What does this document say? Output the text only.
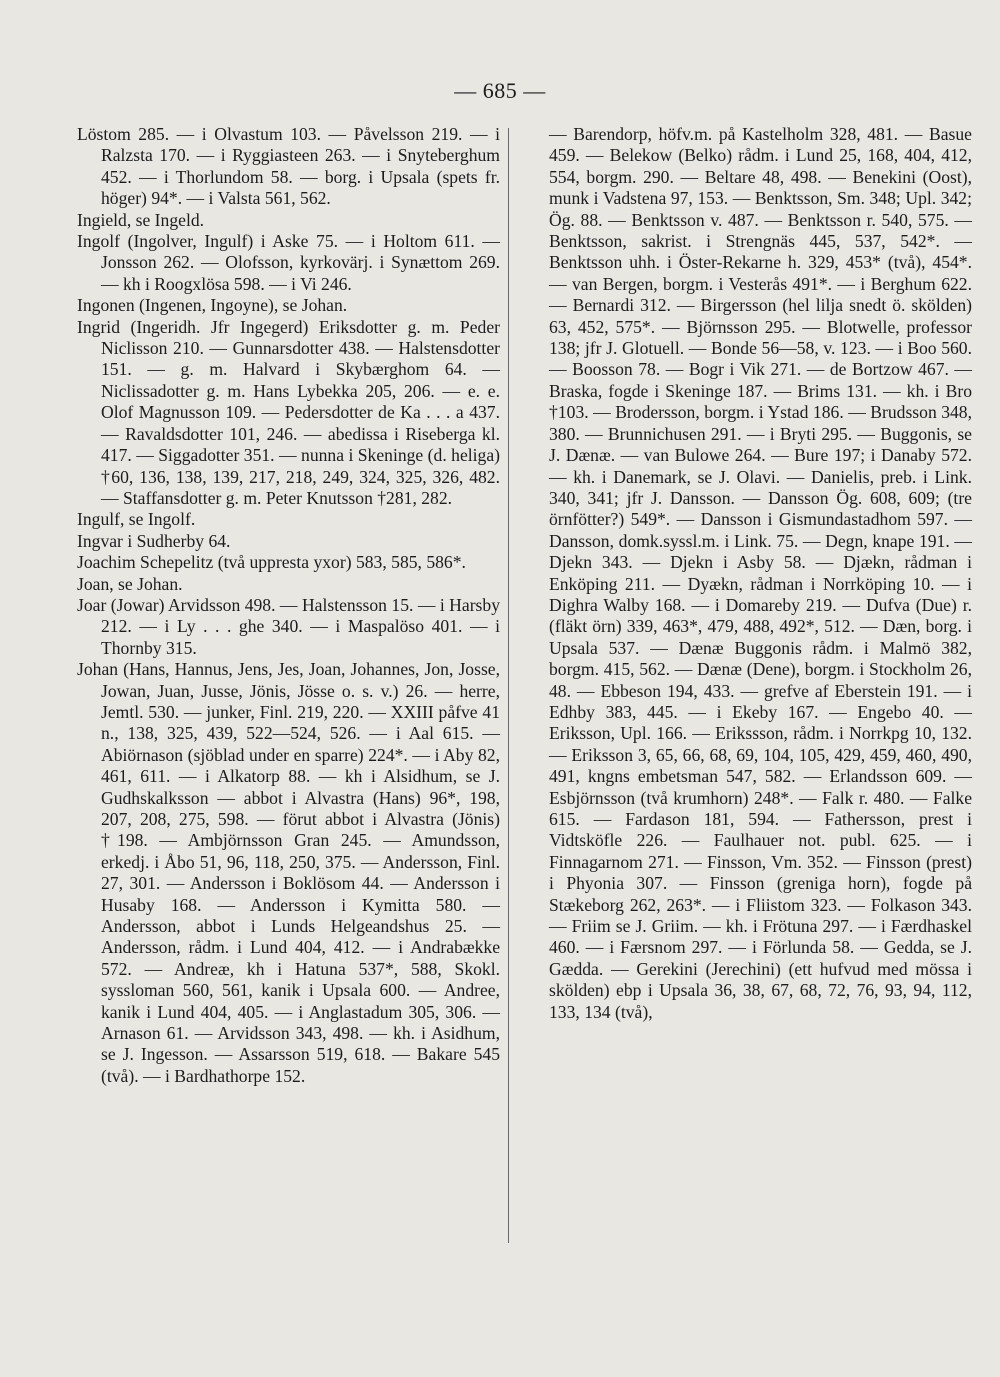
— 685 —

Löstom 285. — i Olvastum 103. — Påvelsson 219. — i Ralzsta 170. — i Ryggiasteen 263. — i Snyteberghum 452. — i Thorlundom 58. — borg. i Upsala (spets fr. höger) 94*. — i Valsta 561, 562.

Ingield, se Ingeld.

Ingolf (Ingolver, Ingulf) i Aske 75. — i Holtom 611. — Jonsson 262. — Olofsson, kyrkovärj. i Synættom 269. — kh i Roogxlösa 598. — i Vi 246.

Ingonen (Ingenen, Ingoyne), se Johan.

Ingrid (Ingeridh. Jfr Ingegerd) Eriksdotter g. m. Peder Niclisson 210. — Gunnarsdotter 438. — Halstensdotter 151. — g. m. Halvard i Skybærghom 64. — Niclissadotter g. m. Hans Lybekka 205, 206. — e. e. Olof Magnusson 109. — Pedersdotter de Ka . . . a 437. — Ravaldsdotter 101, 246. — abedissa i Riseberga kl. 417. — Siggadotter 351. — nunna i Skeninge (d. heliga) †60, 136, 138, 139, 217, 218, 249, 324, 325, 326, 482. — Staffansdotter g. m. Peter Knutsson †281, 282.

Ingulf, se Ingolf.

Ingvar i Sudherby 64.

Joachim Schepelitz (två uppresta yxor) 583, 585, 586*.

Joan, se Johan.

Joar (Jowar) Arvidsson 498. — Halstensson 15. — i Harsby 212. — i Ly . . . ghe 340. — i Maspalöso 401. — i Thornby 315.

Johan (Hans, Hannus, Jens, Jes, Joan, Johannes, Jon, Josse, Jowan, Juan, Jusse, Jönis, Jösse o. s. v.) 26. — herre, Jemtl. 530. — junker, Finl. 219, 220. — XXIII påfve 41 n., 138, 325, 439, 522—524, 526. — i Aal 615. — Abiörnason (sjöblad under en sparre) 224*. — i Aby 82, 461, 611. — i Alkatorp 88. — kh i Alsidhum, se J. Gudhskalksson — abbot i Alvastra (Hans) 96*, 198, 207, 208, 275, 598. — förut abbot i Alvastra (Jönis) †198. — Ambjörnsson Gran 245. — Amundsson, erkedj. i Åbo 51, 96, 118, 250, 375. — Andersson, Finl. 27, 301. — Andersson i Boklösom 44. — Andersson i Husaby 168. — Andersson i Kymitta 580. — Andersson, abbot i Lunds Helgeandshus 25. — Andersson, rådm. i Lund 404, 412. — i Andrabække 572. — Andreæ, kh i Hatuna 537*, 588, Skokl. syssloman 560, 561, kanik i Upsala 600. — Andree, kanik i Lund 404, 405. — i Anglastadum 305, 306. — Arnason 61. — Arvidsson 343, 498. — kh. i Asidhum, se J. Ingesson. — Assarsson 519, 618. — Bakare 545 (två). — i Bardhathorpe 152.

— Barendorp, höfv.m. på Kastelholm 328, 481. — Basue 459. — Belekow (Belko) rådm. i Lund 25, 168, 404, 412, 554, borgm. 290. — Beltare 48, 498. — Benekini (Oost), munk i Vadstena 97, 153. — Benktsson, Sm. 348; Upl. 342; Ög. 88. — Benktsson v. 487. — Benktsson r. 540, 575. — Benktsson, sakrist. i Strengnäs 445, 537, 542*. — Benktsson uhh. i Öster-Rekarne h. 329, 453* (två), 454*. — van Bergen, borgm. i Vesterås 491*. — i Berghum 622. — Bernardi 312. — Birgersson (hel lilja snedt ö. skölden) 63, 452, 575*. — Björnsson 295. — Blotwelle, professor 138; jfr J. Glotuell. — Bonde 56—58, v. 123. — i Boo 560. — Boosson 78. — Bogr i Vik 271. — de Bortzow 467. — Braska, fogde i Skeninge 187. — Brims 131. — kh. i Bro †103. — Brodersson, borgm. i Ystad 186. — Brudsson 348, 380. — Brunnichusen 291. — i Bryti 295. — Buggonis, se J. Dænæ. — van Bulowe 264. — Bure 197; i Danaby 572. — kh. i Danemark, se J. Olavi. — Danielis, preb. i Link. 340, 341; jfr J. Dansson. — Dansson Ög. 608, 609; (tre örnfötter?) 549*. — Dansson i Gismundastadhom 597. — Dansson, domk.syssl.m. i Link. 75. — Degn, knape 191. — Djekn 343. — Djekn i Asby 58. — Djækn, rådman i Enköping 211. — Dyækn, rådman i Norrköping 10. — i Dighra Walby 168. — i Domareby 219. — Dufva (Due) r. (fläkt örn) 339, 463*, 479, 488, 492*, 512. — Dæn, borg. i Upsala 537. — Dænæ Buggonis rådm. i Malmö 382, borgm. 415, 562. — Dænæ (Dene), borgm. i Stockholm 26, 48. — Ebbeson 194, 433. — grefve af Eberstein 191. — i Edhby 383, 445. — i Ekeby 167. — Engebo 40. — Eriksson, Upl. 166. — Erikssson, rådm. i Norrkpg 10, 132. — Eriksson 3, 65, 66, 68, 69, 104, 105, 429, 459, 460, 490, 491, kngns embetsman 547, 582. — Erlandsson 609. — Esbjörnsson (två krumhorn) 248*. — Falk r. 480. — Falke 615. — Fardason 181, 594. — Fathersson, prest i Vidtsköfle 226. — Faulhauer not. publ. 625. — i Finnagarnom 271. — Finsson, Vm. 352. — Finsson (prest) i Phyonia 307. — Finsson (greniga horn), fogde på Stækeborg 262, 263*. — i Fliistom 323. — Folkason 343. — Friim se J. Griim. — kh. i Frötuna 297. — i Færdhaskel 460. — i Færsnom 297. — i Förlunda 58. — Gedda, se J. Gædda. — Gerekini (Jerechini) (ett hufvud med mössa i skölden) ebp i Upsala 36, 38, 67, 68, 72, 76, 93, 94, 112, 133, 134 (två),
